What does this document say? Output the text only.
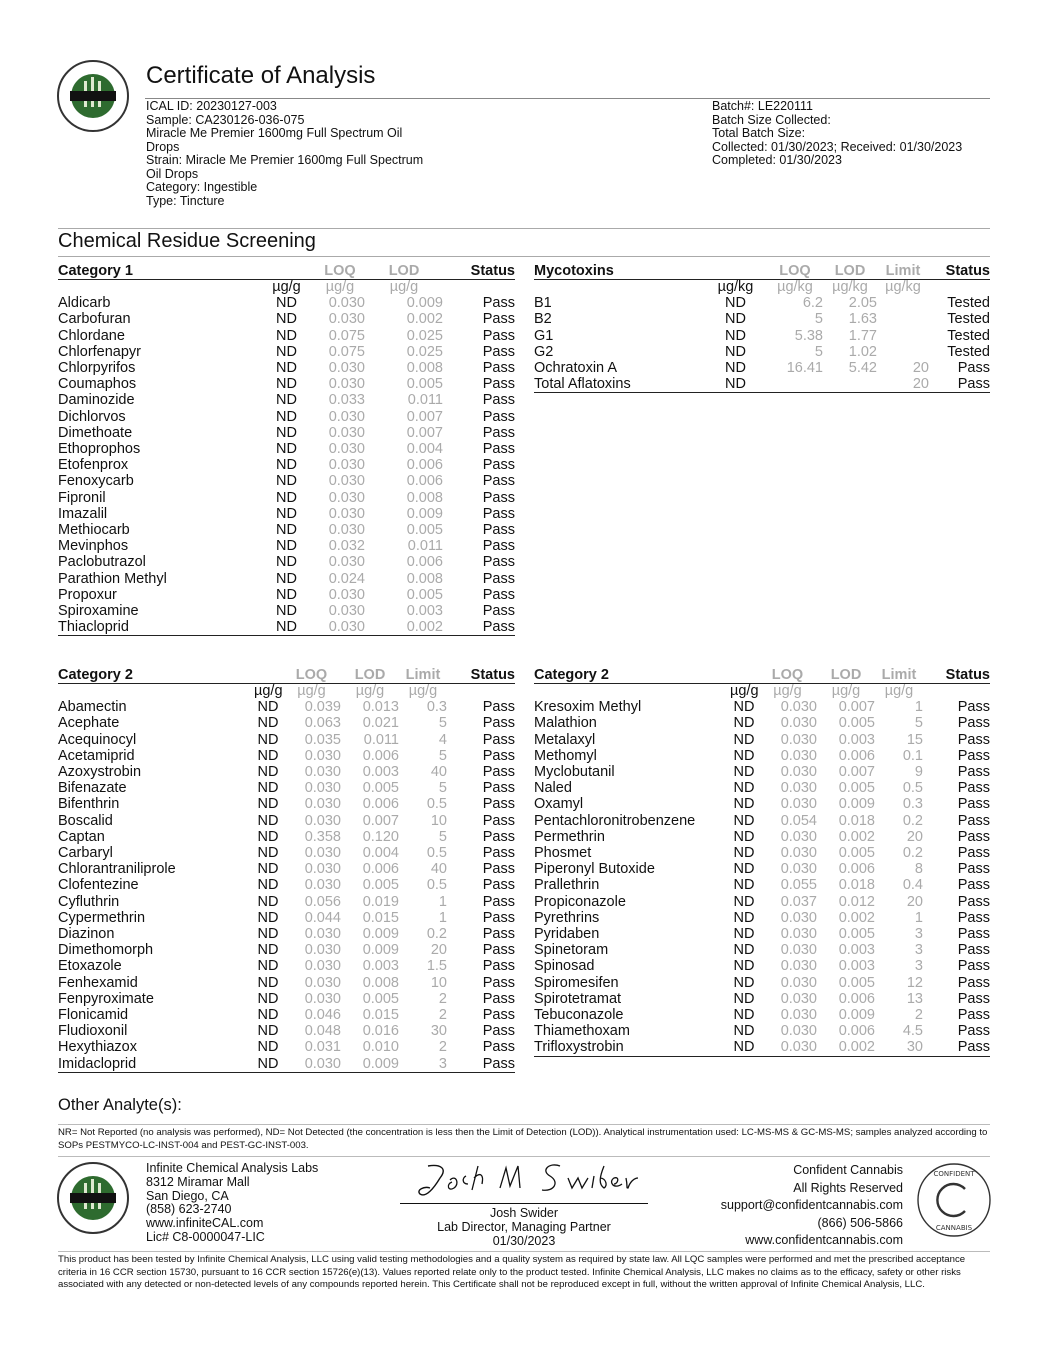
Certificate of Analysis
ICAL ID: 20230127-003
Sample: CA230126-036-075
Miracle Me Premier 1600mg Full Spectrum Oil
Drops
Strain: Miracle Me Premier 1600mg Full Spectrum
Oil Drops
Category: Ingestible
Type: Tincture
Batch#: LE220111
Batch Size Collected:
Total Batch Size:
Collected: 01/30/2023; Received: 01/30/2023
Completed: 01/30/2023
Chemical Residue Screening
Category 1		LOQ	LOD	Status
	µg/g	µg/g	µg/g	
Aldicarb	ND	0.030	0.009	Pass
Carbofuran	ND	0.030	0.002	Pass
Chlordane	ND	0.075	0.025	Pass
Chlorfenapyr	ND	0.075	0.025	Pass
Chlorpyrifos	ND	0.030	0.008	Pass
Coumaphos	ND	0.030	0.005	Pass
Daminozide	ND	0.033	0.011	Pass
Dichlorvos	ND	0.030	0.007	Pass
Dimethoate	ND	0.030	0.007	Pass
Ethoprophos	ND	0.030	0.004	Pass
Etofenprox	ND	0.030	0.006	Pass
Fenoxycarb	ND	0.030	0.006	Pass
Fipronil	ND	0.030	0.008	Pass
Imazalil	ND	0.030	0.009	Pass
Methiocarb	ND	0.030	0.005	Pass
Mevinphos	ND	0.032	0.011	Pass
Paclobutrazol	ND	0.030	0.006	Pass
Parathion Methyl	ND	0.024	0.008	Pass
Propoxur	ND	0.030	0.005	Pass
Spiroxamine	ND	0.030	0.003	Pass
Thiacloprid	ND	0.030	0.002	Pass
Mycotoxins		LOQ	LOD	Limit	Status
	µg/kg	µg/kg	µg/kg	µg/kg	
B1	ND	6.2	2.05		Tested
B2	ND	5	1.63		Tested
G1	ND	5.38	1.77		Tested
G2	ND	5	1.02		Tested
Ochratoxin A	ND	16.41	5.42	20	Pass
Total Aflatoxins	ND			20	Pass
Category 2		LOQ	LOD	Limit	Status
	µg/g	µg/g	µg/g	µg/g	
Abamectin	ND	0.039	0.013	0.3	Pass
Acephate	ND	0.063	0.021	5	Pass
Acequinocyl	ND	0.035	0.011	4	Pass
Acetamiprid	ND	0.030	0.006	5	Pass
Azoxystrobin	ND	0.030	0.003	40	Pass
Bifenazate	ND	0.030	0.005	5	Pass
Bifenthrin	ND	0.030	0.006	0.5	Pass
Boscalid	ND	0.030	0.007	10	Pass
Captan	ND	0.358	0.120	5	Pass
Carbaryl	ND	0.030	0.004	0.5	Pass
Chlorantraniliprole	ND	0.030	0.006	40	Pass
Clofentezine	ND	0.030	0.005	0.5	Pass
Cyfluthrin	ND	0.056	0.019	1	Pass
Cypermethrin	ND	0.044	0.015	1	Pass
Diazinon	ND	0.030	0.009	0.2	Pass
Dimethomorph	ND	0.030	0.009	20	Pass
Etoxazole	ND	0.030	0.003	1.5	Pass
Fenhexamid	ND	0.030	0.008	10	Pass
Fenpyroximate	ND	0.030	0.005	2	Pass
Flonicamid	ND	0.046	0.015	2	Pass
Fludioxonil	ND	0.048	0.016	30	Pass
Hexythiazox	ND	0.031	0.010	2	Pass
Imidacloprid	ND	0.030	0.009	3	Pass
Category 2		LOQ	LOD	Limit	Status
	µg/g	µg/g	µg/g	µg/g	
Kresoxim Methyl	ND	0.030	0.007	1	Pass
Malathion	ND	0.030	0.005	5	Pass
Metalaxyl	ND	0.030	0.003	15	Pass
Methomyl	ND	0.030	0.006	0.1	Pass
Myclobutanil	ND	0.030	0.007	9	Pass
Naled	ND	0.030	0.005	0.5	Pass
Oxamyl	ND	0.030	0.009	0.3	Pass
Pentachloronitrobenzene	ND	0.054	0.018	0.2	Pass
Permethrin	ND	0.030	0.002	20	Pass
Phosmet	ND	0.030	0.005	0.2	Pass
Piperonyl Butoxide	ND	0.030	0.006	8	Pass
Prallethrin	ND	0.055	0.018	0.4	Pass
Propiconazole	ND	0.037	0.012	20	Pass
Pyrethrins	ND	0.030	0.002	1	Pass
Pyridaben	ND	0.030	0.005	3	Pass
Spinetoram	ND	0.030	0.003	3	Pass
Spinosad	ND	0.030	0.003	3	Pass
Spiromesifen	ND	0.030	0.005	12	Pass
Spirotetramat	ND	0.030	0.006	13	Pass
Tebuconazole	ND	0.030	0.009	2	Pass
Thiamethoxam	ND	0.030	0.006	4.5	Pass
Trifloxystrobin	ND	0.030	0.002	30	Pass
Other Analyte(s):
NR= Not Reported (no analysis was performed), ND= Not Detected (the concentration is less then the Limit of Detection (LOD)). Analytical instrumentation used: LC-MS-MS & GC-MS-MS; samples analyzed according to SOPs PESTMYCO-LC-INST-004 and PEST-GC-INST-003.
Infinite Chemical Analysis Labs
8312 Miramar Mall
San Diego, CA
(858) 623-2740
www.infiniteCAL.com
Lic# C8-0000047-LIC
Josh Swider
Lab Director, Managing Partner
01/30/2023
Confident Cannabis
All Rights Reserved
support@confidentcannabis.com
(866) 506-5866
www.confidentcannabis.com
CONFIDENT
CANNABIS
This product has been tested by Infinite Chemical Analysis, LLC using valid testing methodologies and a quality system as required by state law. All LQC samples were performed and met the prescribed acceptance criteria in 16 CCR section 15730, pursuant to 16 CCR section 15726(e)(13). Values reported relate only to the product tested. Infinite Chemical Analysis, LLC makes no claims as to the efficacy, safety or other risks associated with any detected or non-detected levels of any compounds reported herein. This Certificate shall not be reproduced except in full, without the written approval of Infinite Chemical Analysis, LLC.
